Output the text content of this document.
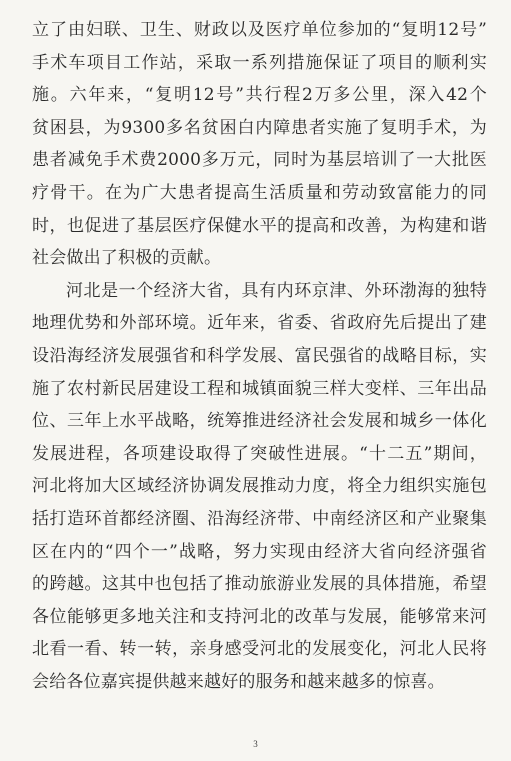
立了由妇联、卫生、财政以及医疗单位参加的“复明12号”
手术车项目工作站，采取一系列措施保证了项目的顺利实
施。六年来，“复明12号”共行程2万多公里，深入42个
贫困县，为9300多名贫困白内障患者实施了复明手术，为
患者减免手术费2000多万元，同时为基层培训了一大批医
疗骨干。在为广大患者提高生活质量和劳动致富能力的同
时，也促进了基层医疗保健水平的提高和改善，为构建和谐
社会做出了积极的贡献。
河北是一个经济大省，具有内环京津、外环渤海的独特
地理优势和外部环境。近年来，省委、省政府先后提出了建
设沿海经济发展强省和科学发展、富民强省的战略目标，实
施了农村新民居建设工程和城镇面貌三样大变样、三年出品
位、三年上水平战略，统筹推进经济社会发展和城乡一体化
发展进程，各项建设取得了突破性进展。“十二五”期间，
河北将加大区域经济协调发展推动力度，将全力组织实施包
括打造环首都经济圈、沿海经济带、中南经济区和产业聚集
区在内的“四个一”战略，努力实现由经济大省向经济强省
的跨越。这其中也包括了推动旅游业发展的具体措施，希望
各位能够更多地关注和支持河北的改革与发展，能够常来河
北看一看、转一转，亲身感受河北的发展变化，河北人民将
会给各位嘉宾提供越来越好的服务和越来越多的惊喜。
3
